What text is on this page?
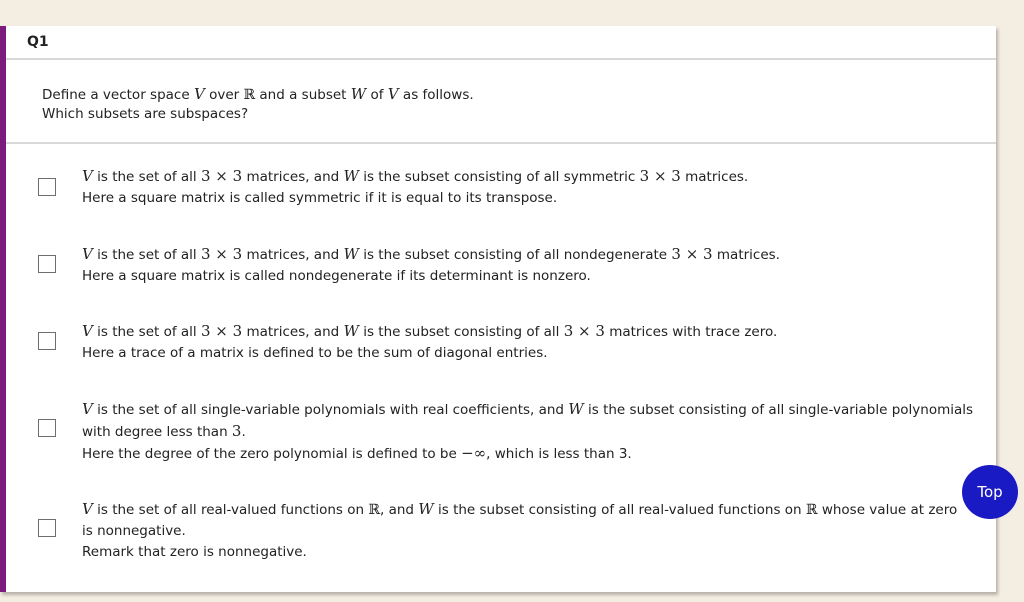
Q1
Define a vector space V over ℝ and a subset W of V as follows.
Which subsets are subspaces?
V is the set of all 3 × 3 matrices, and W is the subset consisting of all symmetric 3 × 3 matrices.
Here a square matrix is called symmetric if it is equal to its transpose.
V is the set of all 3 × 3 matrices, and W is the subset consisting of all nondegenerate 3 × 3 matrices.
Here a square matrix is called nondegenerate if its determinant is nonzero.
V is the set of all 3 × 3 matrices, and W is the subset consisting of all 3 × 3 matrices with trace zero.
Here a trace of a matrix is defined to be the sum of diagonal entries.
V is the set of all single-variable polynomials with real coefficients, and W is the subset consisting of all single-variable polynomials
with degree less than 3.
Here the degree of the zero polynomial is defined to be −∞, which is less than 3.
V is the set of all real-valued functions on ℝ, and W is the subset consisting of all real-valued functions on ℝ whose value at zero
is nonnegative.
Remark that zero is nonnegative.
Top
